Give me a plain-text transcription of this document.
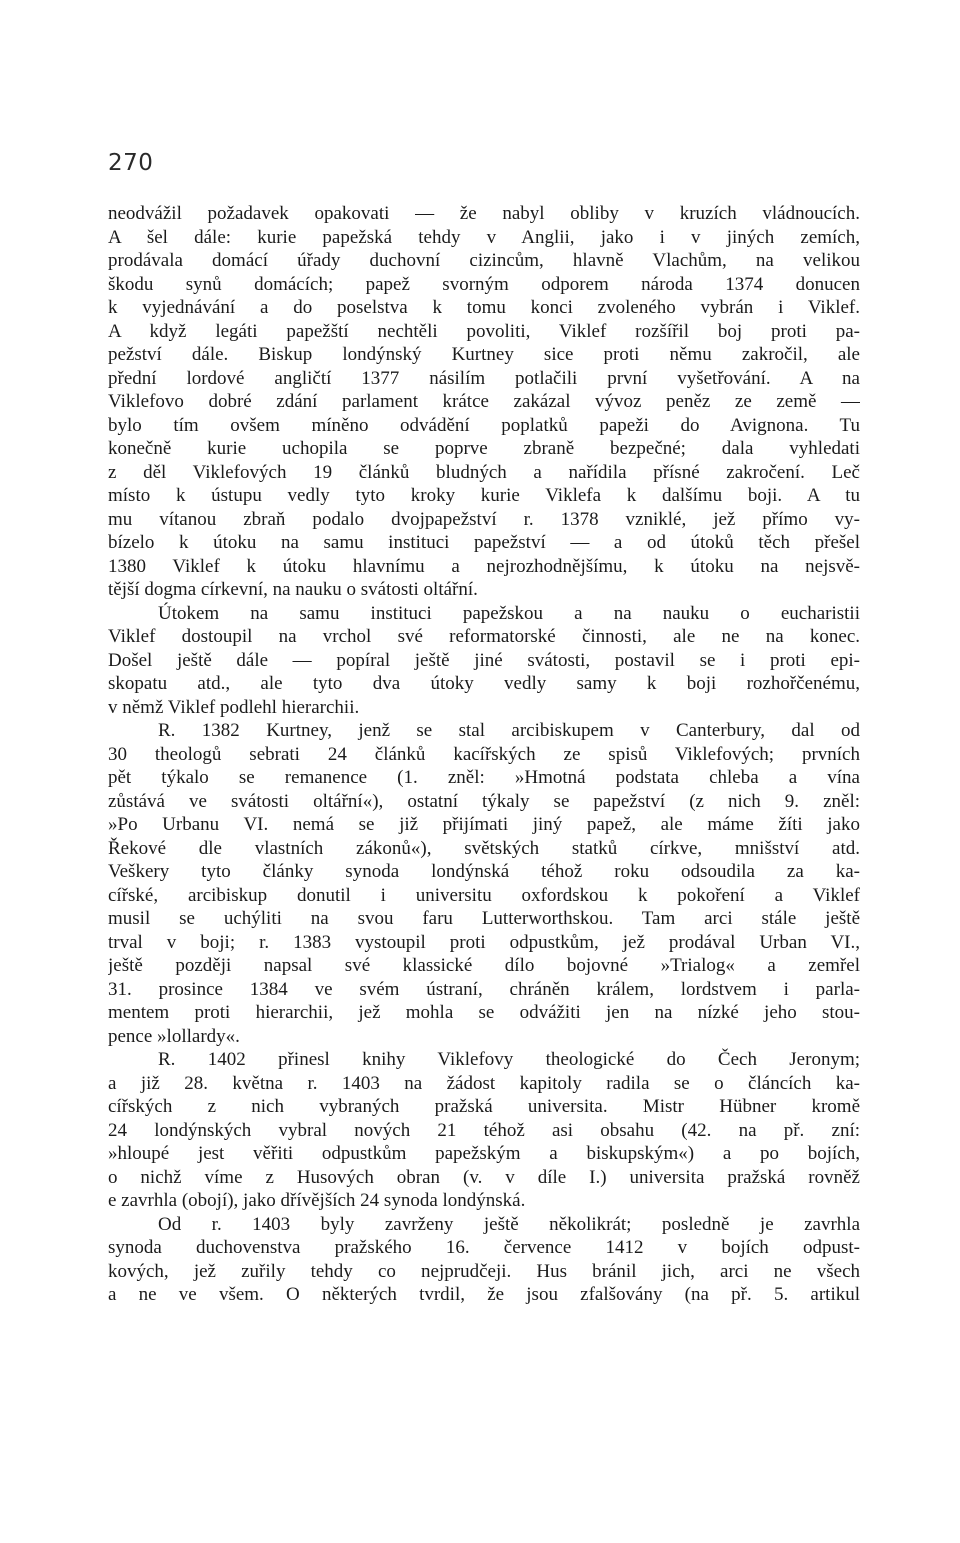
270
neodvážil požadavek opakovati — že nabyl obliby v kruzích vládnoucích.
A šel dále: kurie papežská tehdy v Anglii, jako i v jiných zemích,
prodávala domácí úřady duchovní cizincům, hlavně Vlachům, na velikou
škodu synů domácích; papež svorným odporem národa 1374 donucen
k vyjednávání a do poselstva k tomu konci zvoleného vybrán i Viklef.
A když legáti papežští nechtěli povoliti, Viklef rozšířil boj proti pa-
pežství dále. Biskup londýnský Kurtney sice proti němu zakročil, ale
přední lordové angličtí 1377 násilím potlačili první vyšetřování. A na
Viklefovo dobré zdání parlament krátce zakázal vývoz peněz ze země —
bylo tím ovšem míněno odvádění poplatků papeži do Avignona. Tu
konečně kurie uchopila se poprve zbraně bezpečné; dala vyhledati
z děl Viklefových 19 článků bludných a nařídila přísné zakročení. Leč
místo k ústupu vedly tyto kroky kurie Viklefa k dalšímu boji. A tu
mu vítanou zbraň podalo dvojpapežství r. 1378 vzniklé, jež přímo vy-
bízelo k útoku na samu instituci papežství — a od útoků těch přešel
1380 Viklef k útoku hlavnímu a nejrozhodnějšímu, k útoku na nejsvě-
tější dogma církevní, na nauku o svátosti oltářní.
Útokem na samu instituci papežskou a na nauku o eucharistii
Viklef dostoupil na vrchol své reformatorské činnosti, ale ne na konec.
Došel ještě dále — popíral ještě jiné svátosti, postavil se i proti epi-
skopatu atd., ale tyto dva útoky vedly samy k boji rozhořčenému,
v němž Viklef podlehl hierarchii.
R. 1382 Kurtney, jenž se stal arcibiskupem v Canterbury, dal od
30 theologů sebrati 24 článků kacířských ze spisů Viklefových; prvních
pět týkalo se remanence (1. zněl: »Hmotná podstata chleba a vína
zůstává ve svátosti oltářní«), ostatní týkaly se papežství (z nich 9. zněl:
»Po Urbanu VI. nemá se již přijímati jiný papež, ale máme žíti jako
Řekové dle vlastních zákonů«), světských statků církve, mnišství atd.
Veškery tyto články synoda londýnská téhož roku odsoudila za ka-
cířské, arcibiskup donutil i universitu oxfordskou k pokoření a Viklef
musil se uchýliti na svou faru Lutterworthskou. Tam arci stále ještě
trval v boji; r. 1383 vystoupil proti odpustkům, jež prodával Urban VI.,
ještě později napsal své klassické dílo bojovné »Trialog« a zemřel
31. prosince 1384 ve svém ústraní, chráněn králem, lordstvem i parla-
mentem proti hierarchii, jež mohla se odvážiti jen na nízké jeho stou-
pence »lollardy«.
R. 1402 přinesl knihy Viklefovy theologické do Čech Jeronym;
a již 28. května r. 1403 na žádost kapitoly radila se o článcích ka-
cířských z nich vybraných pražská universita. Mistr Hübner kromě
24 londýnských vybral nových 21 téhož asi obsahu (42. na př. zní:
»hloupé jest věřiti odpustkům papežským a biskupským«) a po bojích,
o nichž víme z Husových obran (v. v díle I.) universita pražská rovněž
e zavrhla (obojí), jako dřívějších 24 synoda londýnská.
Od r. 1403 byly zavrženy ještě několikrát; posledně je zavrhla
synoda duchovenstva pražského 16. července 1412 v bojích odpust-
kových, jež zuřily tehdy co nejprudčeji. Hus bránil jich, arci ne všech
a ne ve všem. O některých tvrdil, že jsou zfalšovány (na př. 5. artikul
